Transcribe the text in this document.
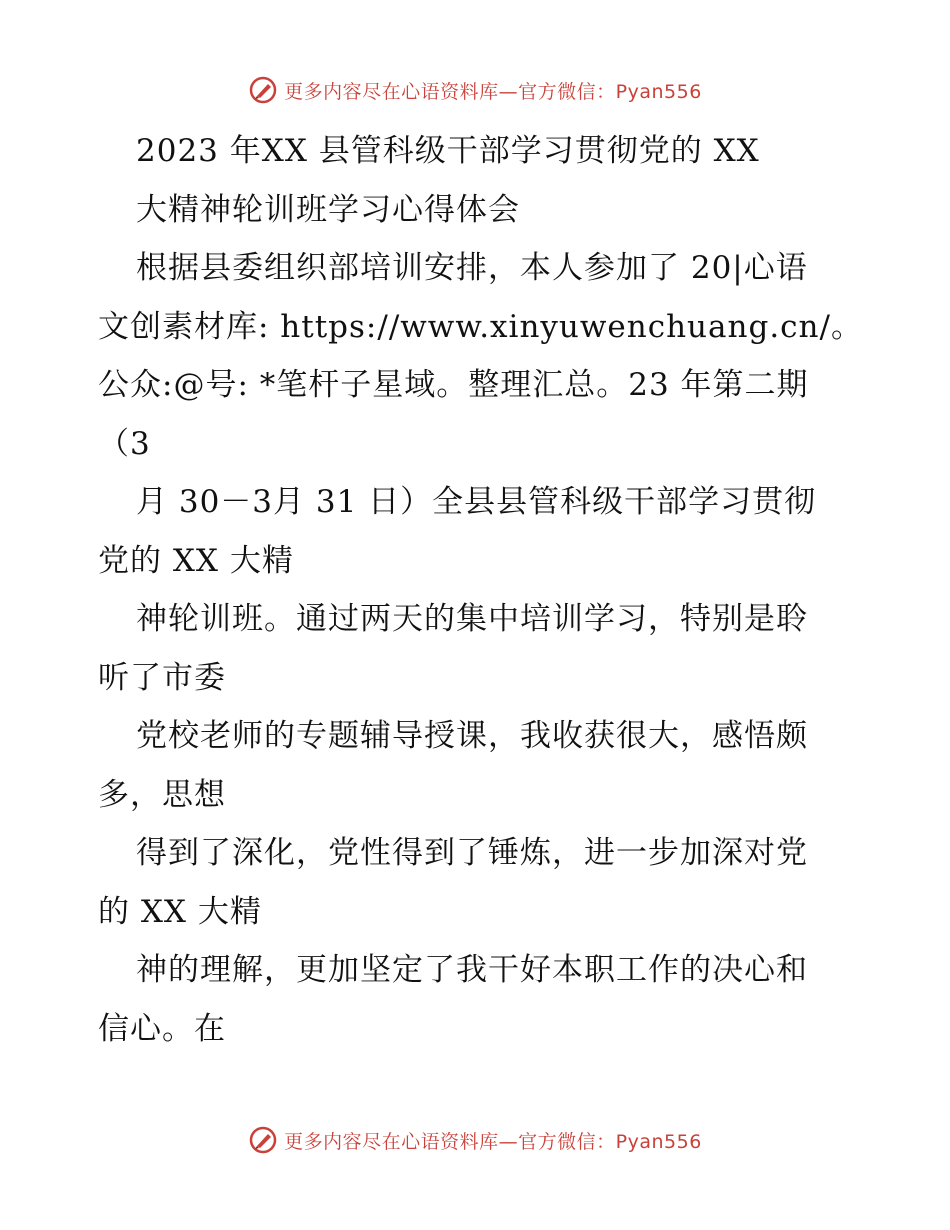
更多内容尽在心语资料库—官方微信：Pyan556
2023 年XX 县管科级干部学习贯彻党的 XX
大精神轮训班学习心得体会
根据县委组织部培训安排，本人参加了 20|心语
文创素材库: https://www.xinyuwenchuang.cn/。
公众:@号: *笔杆子星域。整理汇总。23 年第二期
（3
月 30－3月 31 日）全县县管科级干部学习贯彻
党的 XX 大精
神轮训班。通过两天的集中培训学习，特别是聆
听了市委
党校老师的专题辅导授课，我收获很大，感悟颇
多，思想
得到了深化，党性得到了锤炼，进一步加深对党
的 XX 大精
神的理解，更加坚定了我干好本职工作的决心和
信心。在
更多内容尽在心语资料库—官方微信：Pyan556
